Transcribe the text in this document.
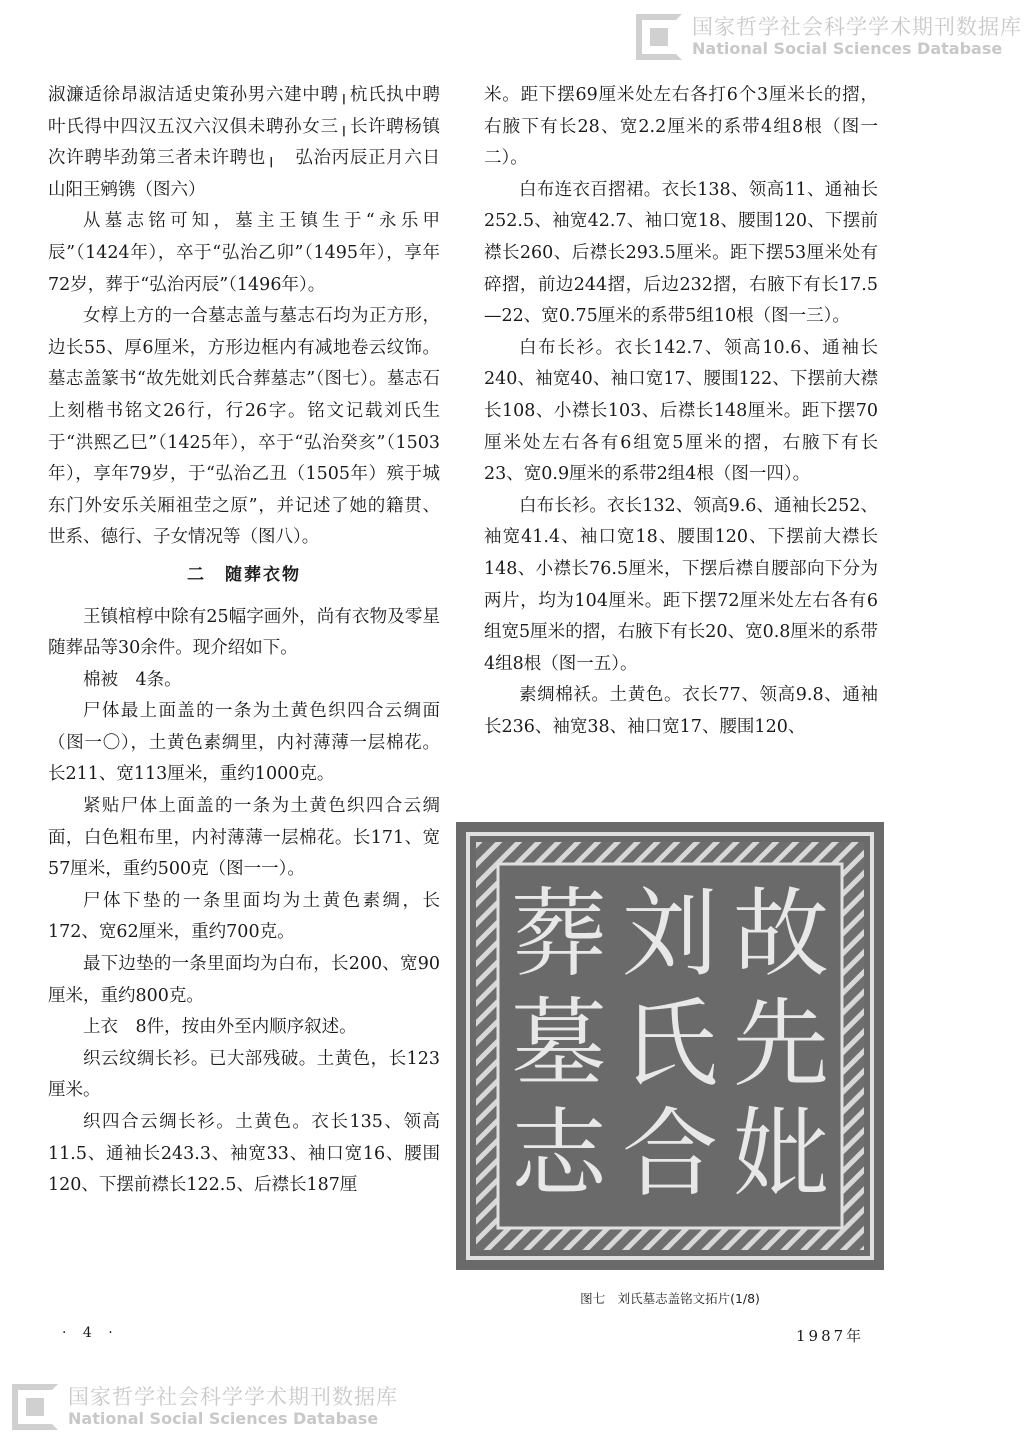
国家哲学社会科学学术期刊数据库
National Social Sciences Database

淑濂适徐昂淑洁适史策孙男六建中聘╷杭氏执中聘叶氏得中四汉五汉六汉俱未聘孙女三╷长许聘杨镇次许聘毕劲第三者未许聘也╷　弘治丙辰正月六日　　山阳王鹓镌（图六）

从墓志铭可知，墓主王镇生于“永乐甲辰”（1424年），卒于“弘治乙卯”（1495年），享年72岁，葬于“弘治丙辰”（1496年）。

女椁上方的一合墓志盖与墓志石均为正方形，边长55、厚6厘米，方形边框内有减地卷云纹饰。墓志盖篆书“故先妣刘氏合葬墓志”（图七）。墓志石上刻楷书铭文26行，行26字。铭文记载刘氏生于“洪熙乙巳”（1425年），卒于“弘治癸亥”（1503年），享年79岁，于“弘治乙丑（1505年）殡于城东门外安乐关厢祖茔之原”，并记述了她的籍贯、世系、德行、子女情况等（图八）。

二　随葬衣物

王镇棺椁中除有25幅字画外，尚有衣物及零星随葬品等30余件。现介绍如下。

棉被　4条。

尸体最上面盖的一条为土黄色织四合云绸面（图一〇），土黄色素绸里，内衬薄薄一层棉花。长211、宽113厘米，重约1000克。

紧贴尸体上面盖的一条为土黄色织四合云绸面，白色粗布里，内衬薄薄一层棉花。长171、宽57厘米，重约500克（图一一）。

尸体下垫的一条里面均为土黄色素绸，长172、宽62厘米，重约700克。

最下边垫的一条里面均为白布，长200、宽90厘米，重约800克。

上衣　8件，按由外至内顺序叙述。

织云纹绸长衫。已大部残破。土黄色，长123厘米。

织四合云绸长衫。土黄色。衣长135、领高11.5、通袖长243.3、袖宽33、袖口宽16、腰围120、下摆前襟长122.5、后襟长187厘

米。距下摆69厘米处左右各打6个3厘米长的摺，右腋下有长28、宽2.2厘米的系带4组8根（图一二）。

白布连衣百摺裙。衣长138、领高11、通袖长252.5、袖宽42.7、袖口宽18、腰围120、下摆前襟长260、后襟长293.5厘米。距下摆53厘米处有碎摺，前边244摺，后边232摺，右腋下有长17.5—22、宽0.75厘米的系带5组10根（图一三）。

白布长衫。衣长142.7、领高10.6、通袖长240、袖宽40、袖口宽17、腰围122、下摆前大襟长108、小襟长103、后襟长148厘米。距下摆70厘米处左右各有6组宽5厘米的摺，右腋下有长23、宽0.9厘米的系带2组4根（图一四）。

白布长衫。衣长132、领高9.6、通袖长252、袖宽41.4、袖口宽18、腰围120、下摆前大襟长148、小襟长76.5厘米，下摆后襟自腰部向下分为两片，均为104厘米。距下摆72厘米处左右各有6组宽5厘米的摺，右腋下有长20、宽0.8厘米的系带4组8根（图一五）。

素绸棉袄。土黄色。衣长77、领高9.8、通袖长236、袖宽38、袖口宽17、腰围120、

故
先
妣
刘
氏
合
葬
墓
志
图七　刘氏墓志盖铭文拓片(1/8)
· 4 ·	1987年
国家哲学社会科学学术期刊数据库
National Social Sciences Database
